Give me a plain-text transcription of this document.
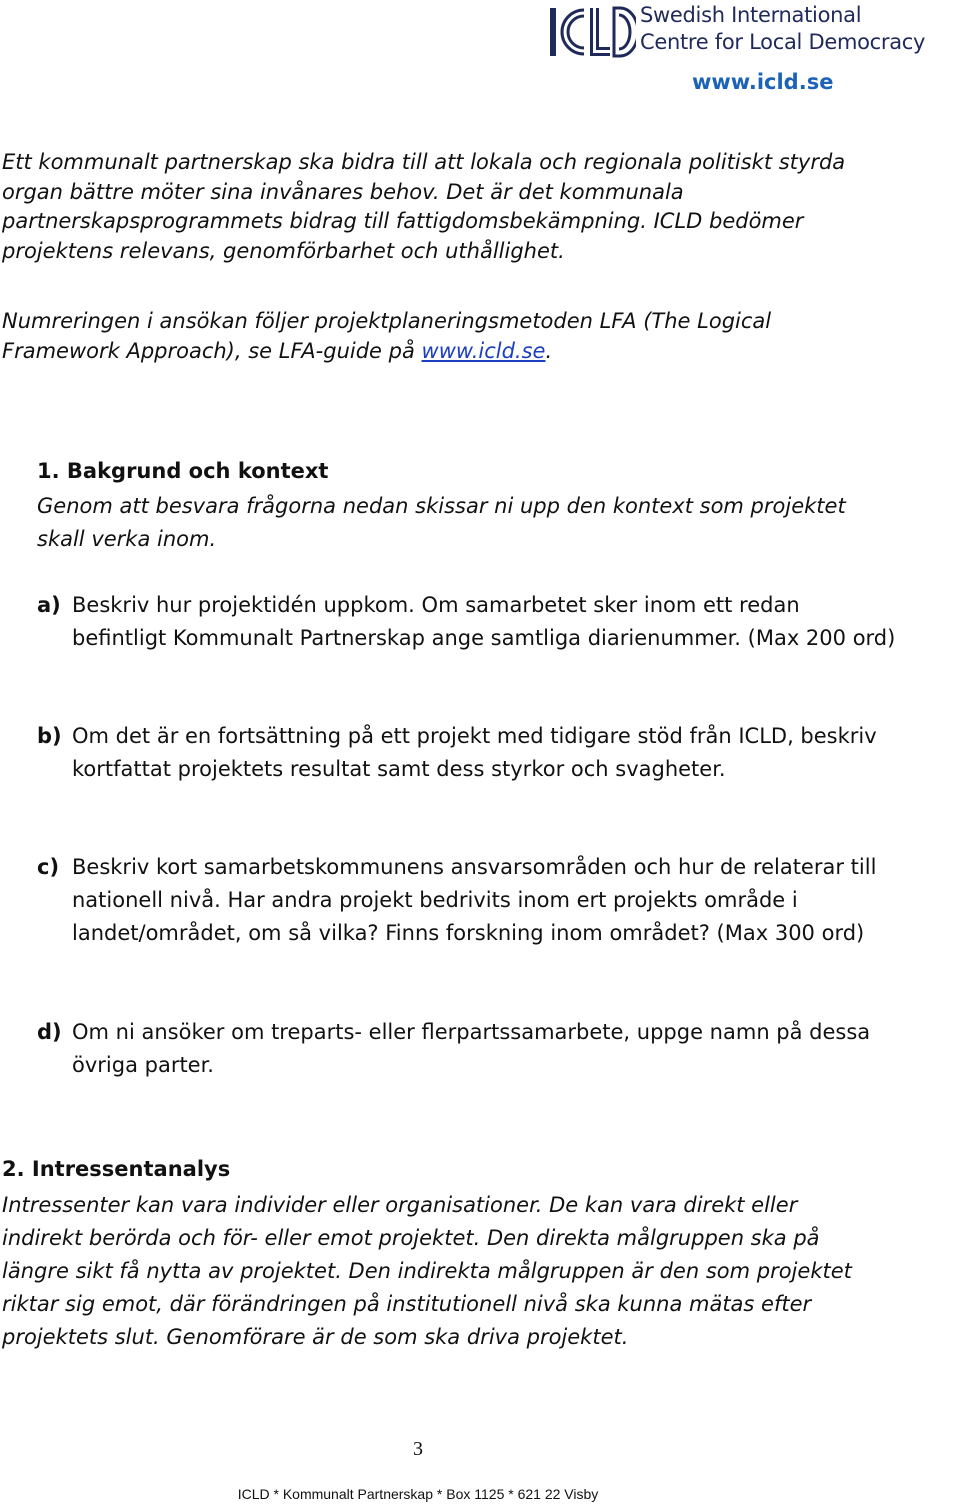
Swedish International
Centre for Local Democracy
www.icld.se

Ett kommunalt partnerskap ska bidra till att lokala och regionala politiskt styrda organ bättre möter sina invånares behov. Det är det kommunala partnerskapsprogrammets bidrag till fattigdomsbekämpning. ICLD bedömer projektens relevans, genomförbarhet och uthållighet.

Numreringen i ansökan följer projektplaneringsmetoden LFA (The Logical Framework Approach), se LFA-guide på www.icld.se.

1. Bakgrund och kontext

Genom att besvara frågorna nedan skissar ni upp den kontext som projektet skall verka inom.

a) Beskriv hur projektidén uppkom. Om samarbetet sker inom ett redan befintligt Kommunalt Partnerskap ange samtliga diarienummer. (Max 200 ord)

b) Om det är en fortsättning på ett projekt med tidigare stöd från ICLD, beskriv kortfattat projektets resultat samt dess styrkor och svagheter.

c) Beskriv kort samarbetskommunens ansvarsområden och hur de relaterar till nationell nivå. Har andra projekt bedrivits inom ert projekts område i landet/området, om så vilka? Finns forskning inom området? (Max 300 ord)

d) Om ni ansöker om treparts- eller flerpartssamarbete, uppge namn på dessa övriga parter.

2. Intressentanalys

Intressenter kan vara individer eller organisationer. De kan vara direkt eller indirekt berörda och för- eller emot projektet. Den direkta målgruppen ska på längre sikt få nytta av projektet. Den indirekta målgruppen är den som projektet riktar sig emot, där förändringen på institutionell nivå ska kunna mätas efter projektets slut. Genomförare är de som ska driva projektet.

3
ICLD * Kommunalt Partnerskap * Box 1125 * 621 22 Visby
